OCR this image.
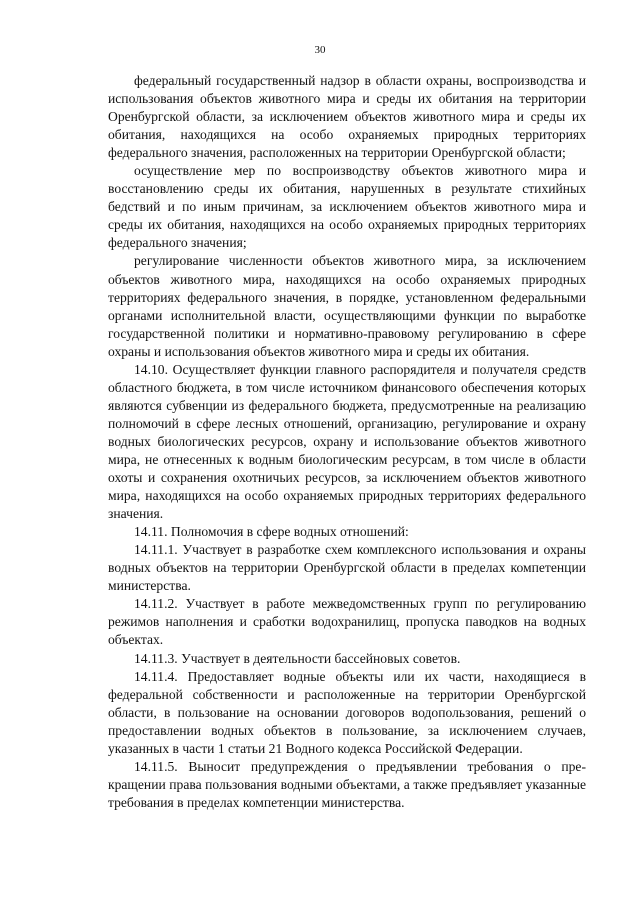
30

федеральный государственный надзор в области охраны, воспроизводства и использования объектов животного мира и среды их обитания на территории Оренбургской области, за исключением объектов животного мира и среды их обитания, находящихся на особо охраняемых природных территориях федерального значения, расположенных на территории Оренбургской области;

осуществление мер по воспроизводству объектов животного мира и восстановлению среды их обитания, нарушенных в результате стихийных бедствий и по иным причинам, за исключением объектов животного мира и среды их обитания, находящихся на особо охраняемых природных территориях федерального значения;

регулирование численности объектов животного мира, за исключением объектов животного мира, находящихся на особо охраняемых природных территориях федерального значения, в порядке, установленном федеральными органами исполнительной власти, осуществляющими функции по выработке государственной политики и нормативно-правовому регулированию в сфере охраны и использования объектов животного мира и среды их обитания.

14.10. Осуществляет функции главного распорядителя и получателя средств областного бюджета, в том числе источником финансового обеспечения которых являются субвенции из федерального бюджета, предусмотренные на реализацию полномочий в сфере лесных отношений, организацию, регулирование и охрану водных биологических ресурсов, охрану и использование объектов животного мира, не отнесенных к водным биологическим ресурсам, в том числе в области охоты и сохранения охотничьих ресурсов, за исключением объектов животного мира, находящихся на особо охраняемых природных территориях федерального значения.

14.11. Полномочия в сфере водных отношений:

14.11.1. Участвует в разработке схем комплексного использования и охраны водных объектов на территории Оренбургской области в пределах компетенции министерства.

14.11.2. Участвует в работе межведомственных групп по регулированию режимов наполнения и сработки водохранилищ, пропуска паводков на водных объектах.

14.11.3. Участвует в деятельности бассейновых советов.

14.11.4. Предоставляет водные объекты или их части, находящиеся в федеральной собственности и расположенные на территории Оренбургской области, в пользование на основании договоров водопользования, решений о предоставлении водных объектов в пользование, за исключением случаев, указанных в части 1 статьи 21 Водного кодекса Российской Федерации.

14.11.5. Выносит предупреждения о предъявлении требования о прекращении права пользования водными объектами, а также предъявляет указанные требования в пределах компетенции министерства.
